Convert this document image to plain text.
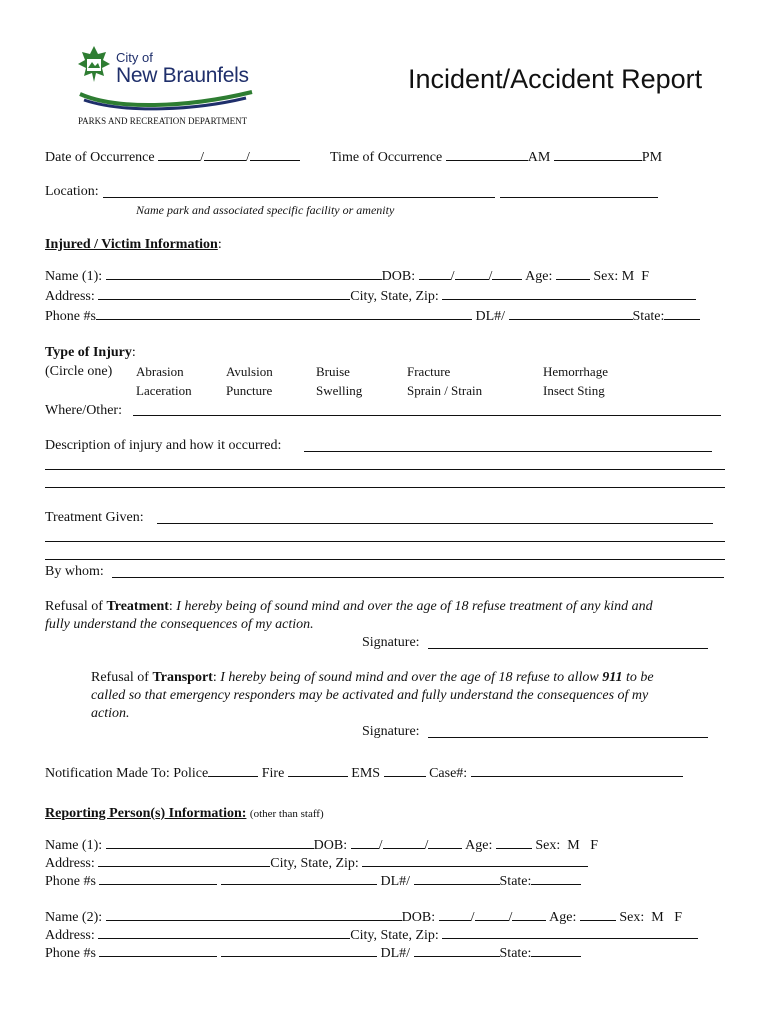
City of
New Braunfels
PARKS AND RECREATION DEPARTMENT
Incident/Accident Report
Date of Occurrence	/	/	Time of Occurrence	AM	PM
Location:
Name park and associated specific facility or amenity
Injured / Victim Information:
Name (1):	DOB:	/ / Age:	Sex: M F
Address:	City, State, Zip:
Phone #s	DL#/	State:
Type of Injury:
(Circle one) Abrasion	Avulsion	Bruise	Fracture	Hemorrhage
Laceration	Puncture	Swelling	Sprain / Strain	Insect Sting
Where/Other:
Description of injury and how it occurred:
Treatment Given:
By whom:
Refusal of Treatment: I hereby being of sound mind and over the age of 18 refuse treatment of any kind and
fully understand the consequences of my action.
Signature:
Refusal of Transport: I hereby being of sound mind and over the age of 18 refuse to allow 911 to be
called so that emergency responders may be activated and fully understand the consequences of my
action.
Signature:
Notification Made To: Police	Fire	EMS	Case#:
Reporting Person(s) Information: (other than staff)
Name (1):	DOB: /	/	Age:	Sex: M F
Address:	City, State, Zip:
Phone #s	DL#/	State:
Name (2):	DOB:	/ /	Age:	Sex: M F
Address:	City, State, Zip:
Phone #s	DL#/	State:
